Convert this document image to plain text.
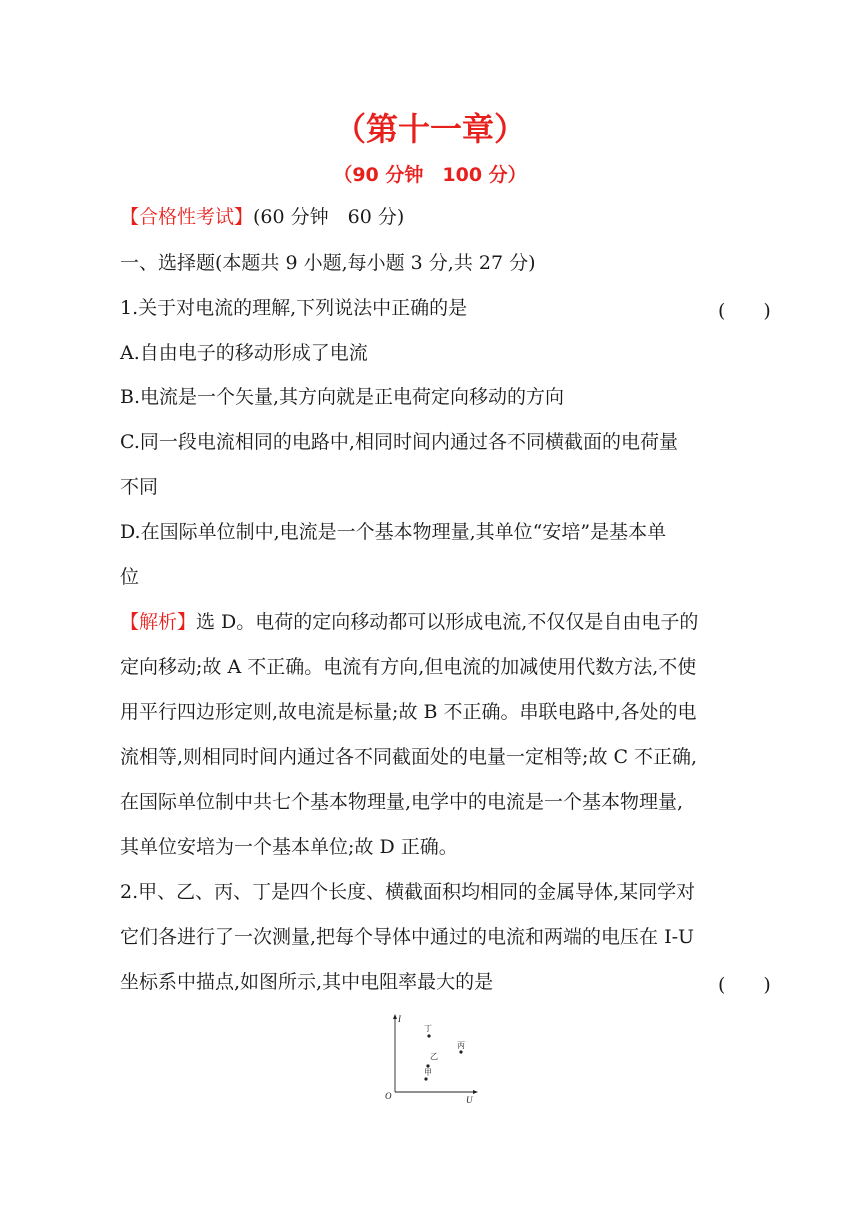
（第十一章）
（90 分钟　100 分）
【合格性考试】(60 分钟　60 分)
一、选择题(本题共 9 小题,每小题 3 分,共 27 分)
1.关于对电流的理解,下列说法中正确的是	(　　)
A.自由电子的移动形成了电流
B.电流是一个矢量,其方向就是正电荷定向移动的方向
C.同一段电流相同的电路中,相同时间内通过各不同横截面的电荷量
不同
D.在国际单位制中,电流是一个基本物理量,其单位“安培”是基本单
位
【解析】选 D。电荷的定向移动都可以形成电流,不仅仅是自由电子的
定向移动;故 A 不正确。电流有方向,但电流的加减使用代数方法,不使
用平行四边形定则,故电流是标量;故 B 不正确。串联电路中,各处的电
流相等,则相同时间内通过各不同截面处的电量一定相等;故 C 不正确,
在国际单位制中共七个基本物理量,电学中的电流是一个基本物理量,
其单位安培为一个基本单位;故 D 正确。
2.甲、乙、丙、丁是四个长度、横截面积均相同的金属导体,某同学对
它们各进行了一次测量,把每个导体中通过的电流和两端的电压在 I-U
坐标系中描点,如图所示,其中电阻率最大的是	(　　)
I
U
O
丁
丙
乙
甲
